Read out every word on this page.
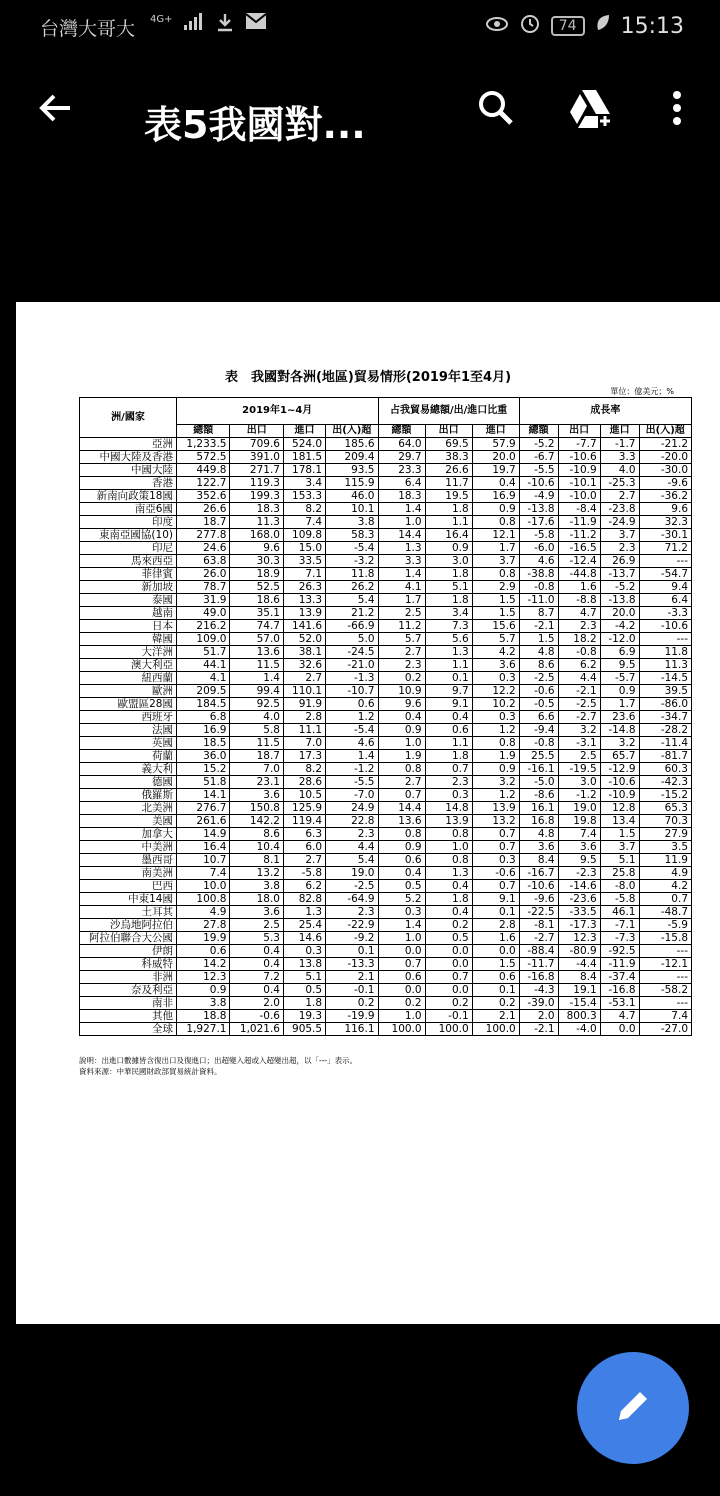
台灣大哥大 4G+	74	15:13
表5我國對...
表　我國對各洲(地區)貿易情形(2019年1至4月)
單位：億美元；%
洲/國家	2019年1~4月				占我貿易總額/出/進口比重			成長率			
	總額	出口	進口	出(入)超	總額	出口	進口	總額	出口	進口	出(入)超
亞洲	1,233.5	709.6	524.0	185.6	64.0	69.5	57.9	-5.2	-7.7	-1.7	-21.2
中國大陸及香港	572.5	391.0	181.5	209.4	29.7	38.3	20.0	-6.7	-10.6	3.3	-20.0
中國大陸	449.8	271.7	178.1	93.5	23.3	26.6	19.7	-5.5	-10.9	4.0	-30.0
香港	122.7	119.3	3.4	115.9	6.4	11.7	0.4	-10.6	-10.1	-25.3	-9.6
新南向政策18國	352.6	199.3	153.3	46.0	18.3	19.5	16.9	-4.9	-10.0	2.7	-36.2
南亞6國	26.6	18.3	8.2	10.1	1.4	1.8	0.9	-13.8	-8.4	-23.8	9.6
印度	18.7	11.3	7.4	3.8	1.0	1.1	0.8	-17.6	-11.9	-24.9	32.3
東南亞國協(10)	277.8	168.0	109.8	58.3	14.4	16.4	12.1	-5.8	-11.2	3.7	-30.1
印尼	24.6	9.6	15.0	-5.4	1.3	0.9	1.7	-6.0	-16.5	2.3	71.2
馬來西亞	63.8	30.3	33.5	-3.2	3.3	3.0	3.7	4.6	-12.4	26.9	---
菲律賓	26.0	18.9	7.1	11.8	1.4	1.8	0.8	-38.8	-44.8	-13.7	-54.7
新加坡	78.7	52.5	26.3	26.2	4.1	5.1	2.9	-0.8	1.6	-5.2	9.4
泰國	31.9	18.6	13.3	5.4	1.7	1.8	1.5	-11.0	-8.8	-13.8	6.4
越南	49.0	35.1	13.9	21.2	2.5	3.4	1.5	8.7	4.7	20.0	-3.3
日本	216.2	74.7	141.6	-66.9	11.2	7.3	15.6	-2.1	2.3	-4.2	-10.6
韓國	109.0	57.0	52.0	5.0	5.7	5.6	5.7	1.5	18.2	-12.0	---
大洋洲	51.7	13.6	38.1	-24.5	2.7	1.3	4.2	4.8	-0.8	6.9	11.8
澳大利亞	44.1	11.5	32.6	-21.0	2.3	1.1	3.6	8.6	6.2	9.5	11.3
紐西蘭	4.1	1.4	2.7	-1.3	0.2	0.1	0.3	-2.5	4.4	-5.7	-14.5
歐洲	209.5	99.4	110.1	-10.7	10.9	9.7	12.2	-0.6	-2.1	0.9	39.5
歐盟區28國	184.5	92.5	91.9	0.6	9.6	9.1	10.2	-0.5	-2.5	1.7	-86.0
西班牙	6.8	4.0	2.8	1.2	0.4	0.4	0.3	6.6	-2.7	23.6	-34.7
法國	16.9	5.8	11.1	-5.4	0.9	0.6	1.2	-9.4	3.2	-14.8	-28.2
英國	18.5	11.5	7.0	4.6	1.0	1.1	0.8	-0.8	-3.1	3.2	-11.4
荷蘭	36.0	18.7	17.3	1.4	1.9	1.8	1.9	25.5	2.5	65.7	-81.7
義大利	15.2	7.0	8.2	-1.2	0.8	0.7	0.9	-16.1	-19.5	-12.9	60.3
德國	51.8	23.1	28.6	-5.5	2.7	2.3	3.2	-5.0	3.0	-10.6	-42.3
俄羅斯	14.1	3.6	10.5	-7.0	0.7	0.3	1.2	-8.6	-1.2	-10.9	-15.2
北美洲	276.7	150.8	125.9	24.9	14.4	14.8	13.9	16.1	19.0	12.8	65.3
美國	261.6	142.2	119.4	22.8	13.6	13.9	13.2	16.8	19.8	13.4	70.3
加拿大	14.9	8.6	6.3	2.3	0.8	0.8	0.7	4.8	7.4	1.5	27.9
中美洲	16.4	10.4	6.0	4.4	0.9	1.0	0.7	3.6	3.6	3.7	3.5
墨西哥	10.7	8.1	2.7	5.4	0.6	0.8	0.3	8.4	9.5	5.1	11.9
南美洲	7.4	13.2	-5.8	19.0	0.4	1.3	-0.6	-16.7	-2.3	25.8	4.9
巴西	10.0	3.8	6.2	-2.5	0.5	0.4	0.7	-10.6	-14.6	-8.0	4.2
中東14國	100.8	18.0	82.8	-64.9	5.2	1.8	9.1	-9.6	-23.6	-5.8	0.7
土耳其	4.9	3.6	1.3	2.3	0.3	0.4	0.1	-22.5	-33.5	46.1	-48.7
沙烏地阿拉伯	27.8	2.5	25.4	-22.9	1.4	0.2	2.8	-8.1	-17.3	-7.1	-5.9
阿拉伯聯合大公國	19.9	5.3	14.6	-9.2	1.0	0.5	1.6	-2.7	12.3	-7.3	-15.8
伊朗	0.6	0.4	0.3	0.1	0.0	0.0	0.0	-88.4	-80.9	-92.5	---
科威特	14.2	0.4	13.8	-13.3	0.7	0.0	1.5	-11.7	-4.4	-11.9	-12.1
非洲	12.3	7.2	5.1	2.1	0.6	0.7	0.6	-16.8	8.4	-37.4	---
奈及利亞	0.9	0.4	0.5	-0.1	0.0	0.0	0.1	-4.3	19.1	-16.8	-58.2
南非	3.8	2.0	1.8	0.2	0.2	0.2	0.2	-39.0	-15.4	-53.1	---
其他	18.8	-0.6	19.3	-19.9	1.0	-0.1	2.1	2.0	800.3	4.7	7.4
全球	1,927.1	1,021.6	905.5	116.1	100.0	100.0	100.0	-2.1	-4.0	0.0	-27.0
說明：出進口數據皆含復出口及復進口；出超變入超或入超變出超，以「---」表示。
資料來源：中華民國財政部貿易統計資料。
